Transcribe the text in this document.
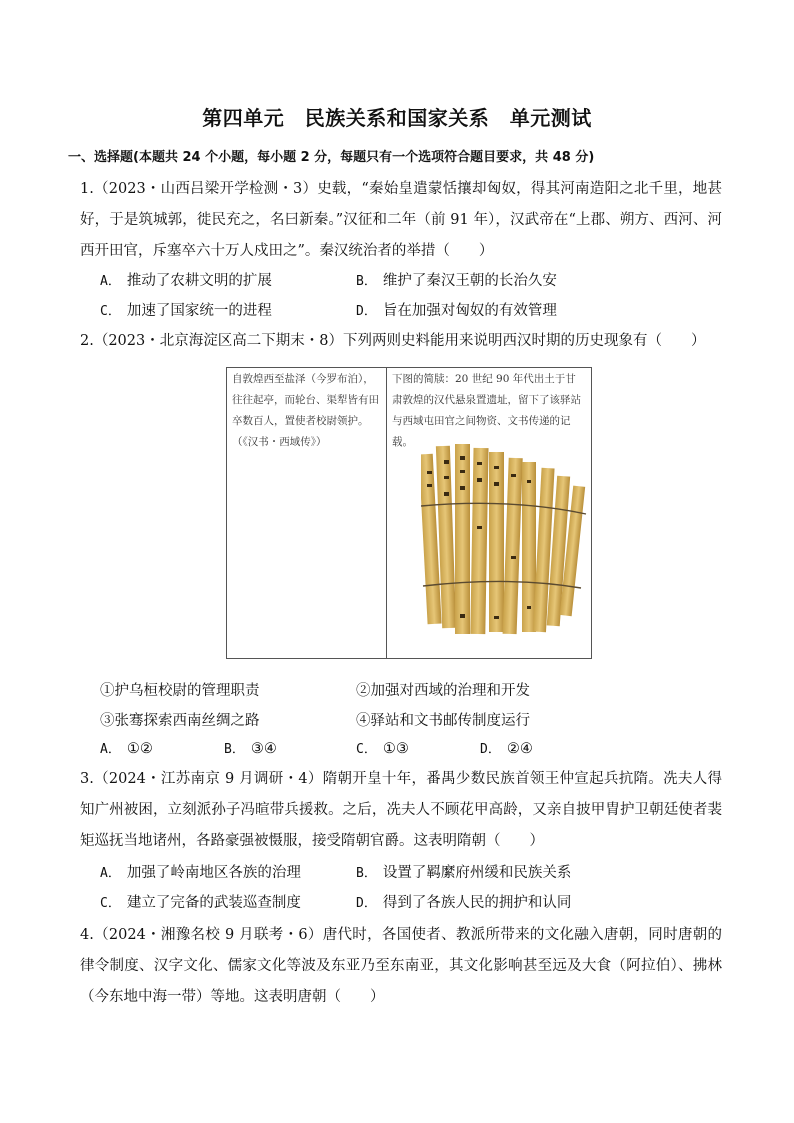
第四单元　民族关系和国家关系　单元测试
一、选择题(本题共 24 个小题，每小题 2 分，每题只有一个选项符合题目要求，共 48 分)
1.（2023・山西吕梁开学检测・3）史载，“秦始皇遣蒙恬攘却匈奴，得其河南造阳之北千里，地甚好，于是筑城郭，徙民充之，名曰新秦。”汉征和二年（前 91 年），汉武帝在“上郡、朔方、西河、河西开田官，斥塞卒六十万人戍田之”。秦汉统治者的举措（　　）
A． 推动了农耕文明的扩展	B． 维护了秦汉王朝的长治久安
C． 加速了国家统一的进程	D． 旨在加强对匈奴的有效管理
2.（2023・北京海淀区高二下期末・8）下列两则史料能用来说明西汉时期的历史现象有（　　）
自敦煌西至盐泽（今罗布泊），往往起亭，而轮台、渠犁皆有田卒数百人，置使者校尉领护。（《汉书・西域传》）
下图的简牍：20 世纪 90 年代出土于甘肃敦煌的汉代悬泉置遗址，留下了该驿站与西域屯田官之间物资、文书传递的记载。
①护乌桓校尉的管理职责	②加强对西域的治理和开发
③张骞探索西南丝绸之路	④驿站和文书邮传制度运行
A． ①②	B． ③④	C． ①③	D． ②④
3.（2024・江苏南京 9 月调研・4）隋朝开皇十年，番禺少数民族首领王仲宣起兵抗隋。冼夫人得知广州被困，立刻派孙子冯暄带兵援救。之后，冼夫人不顾花甲高龄，又亲自披甲胄护卫朝廷使者裴矩巡抚当地诸州，各路豪强被慑服，接受隋朝官爵。这表明隋朝（　　）
A． 加强了岭南地区各族的治理	B． 设置了羁縻府州缓和民族关系
C． 建立了完备的武装巡查制度	D． 得到了各族人民的拥护和认同
4.（2024・湘豫名校 9 月联考・6）唐代时，各国使者、教派所带来的文化融入唐朝，同时唐朝的律令制度、汉字文化、儒家文化等波及东亚乃至东南亚，其文化影响甚至远及大食（阿拉伯）、拂林（今东地中海一带）等地。这表明唐朝（　　）
